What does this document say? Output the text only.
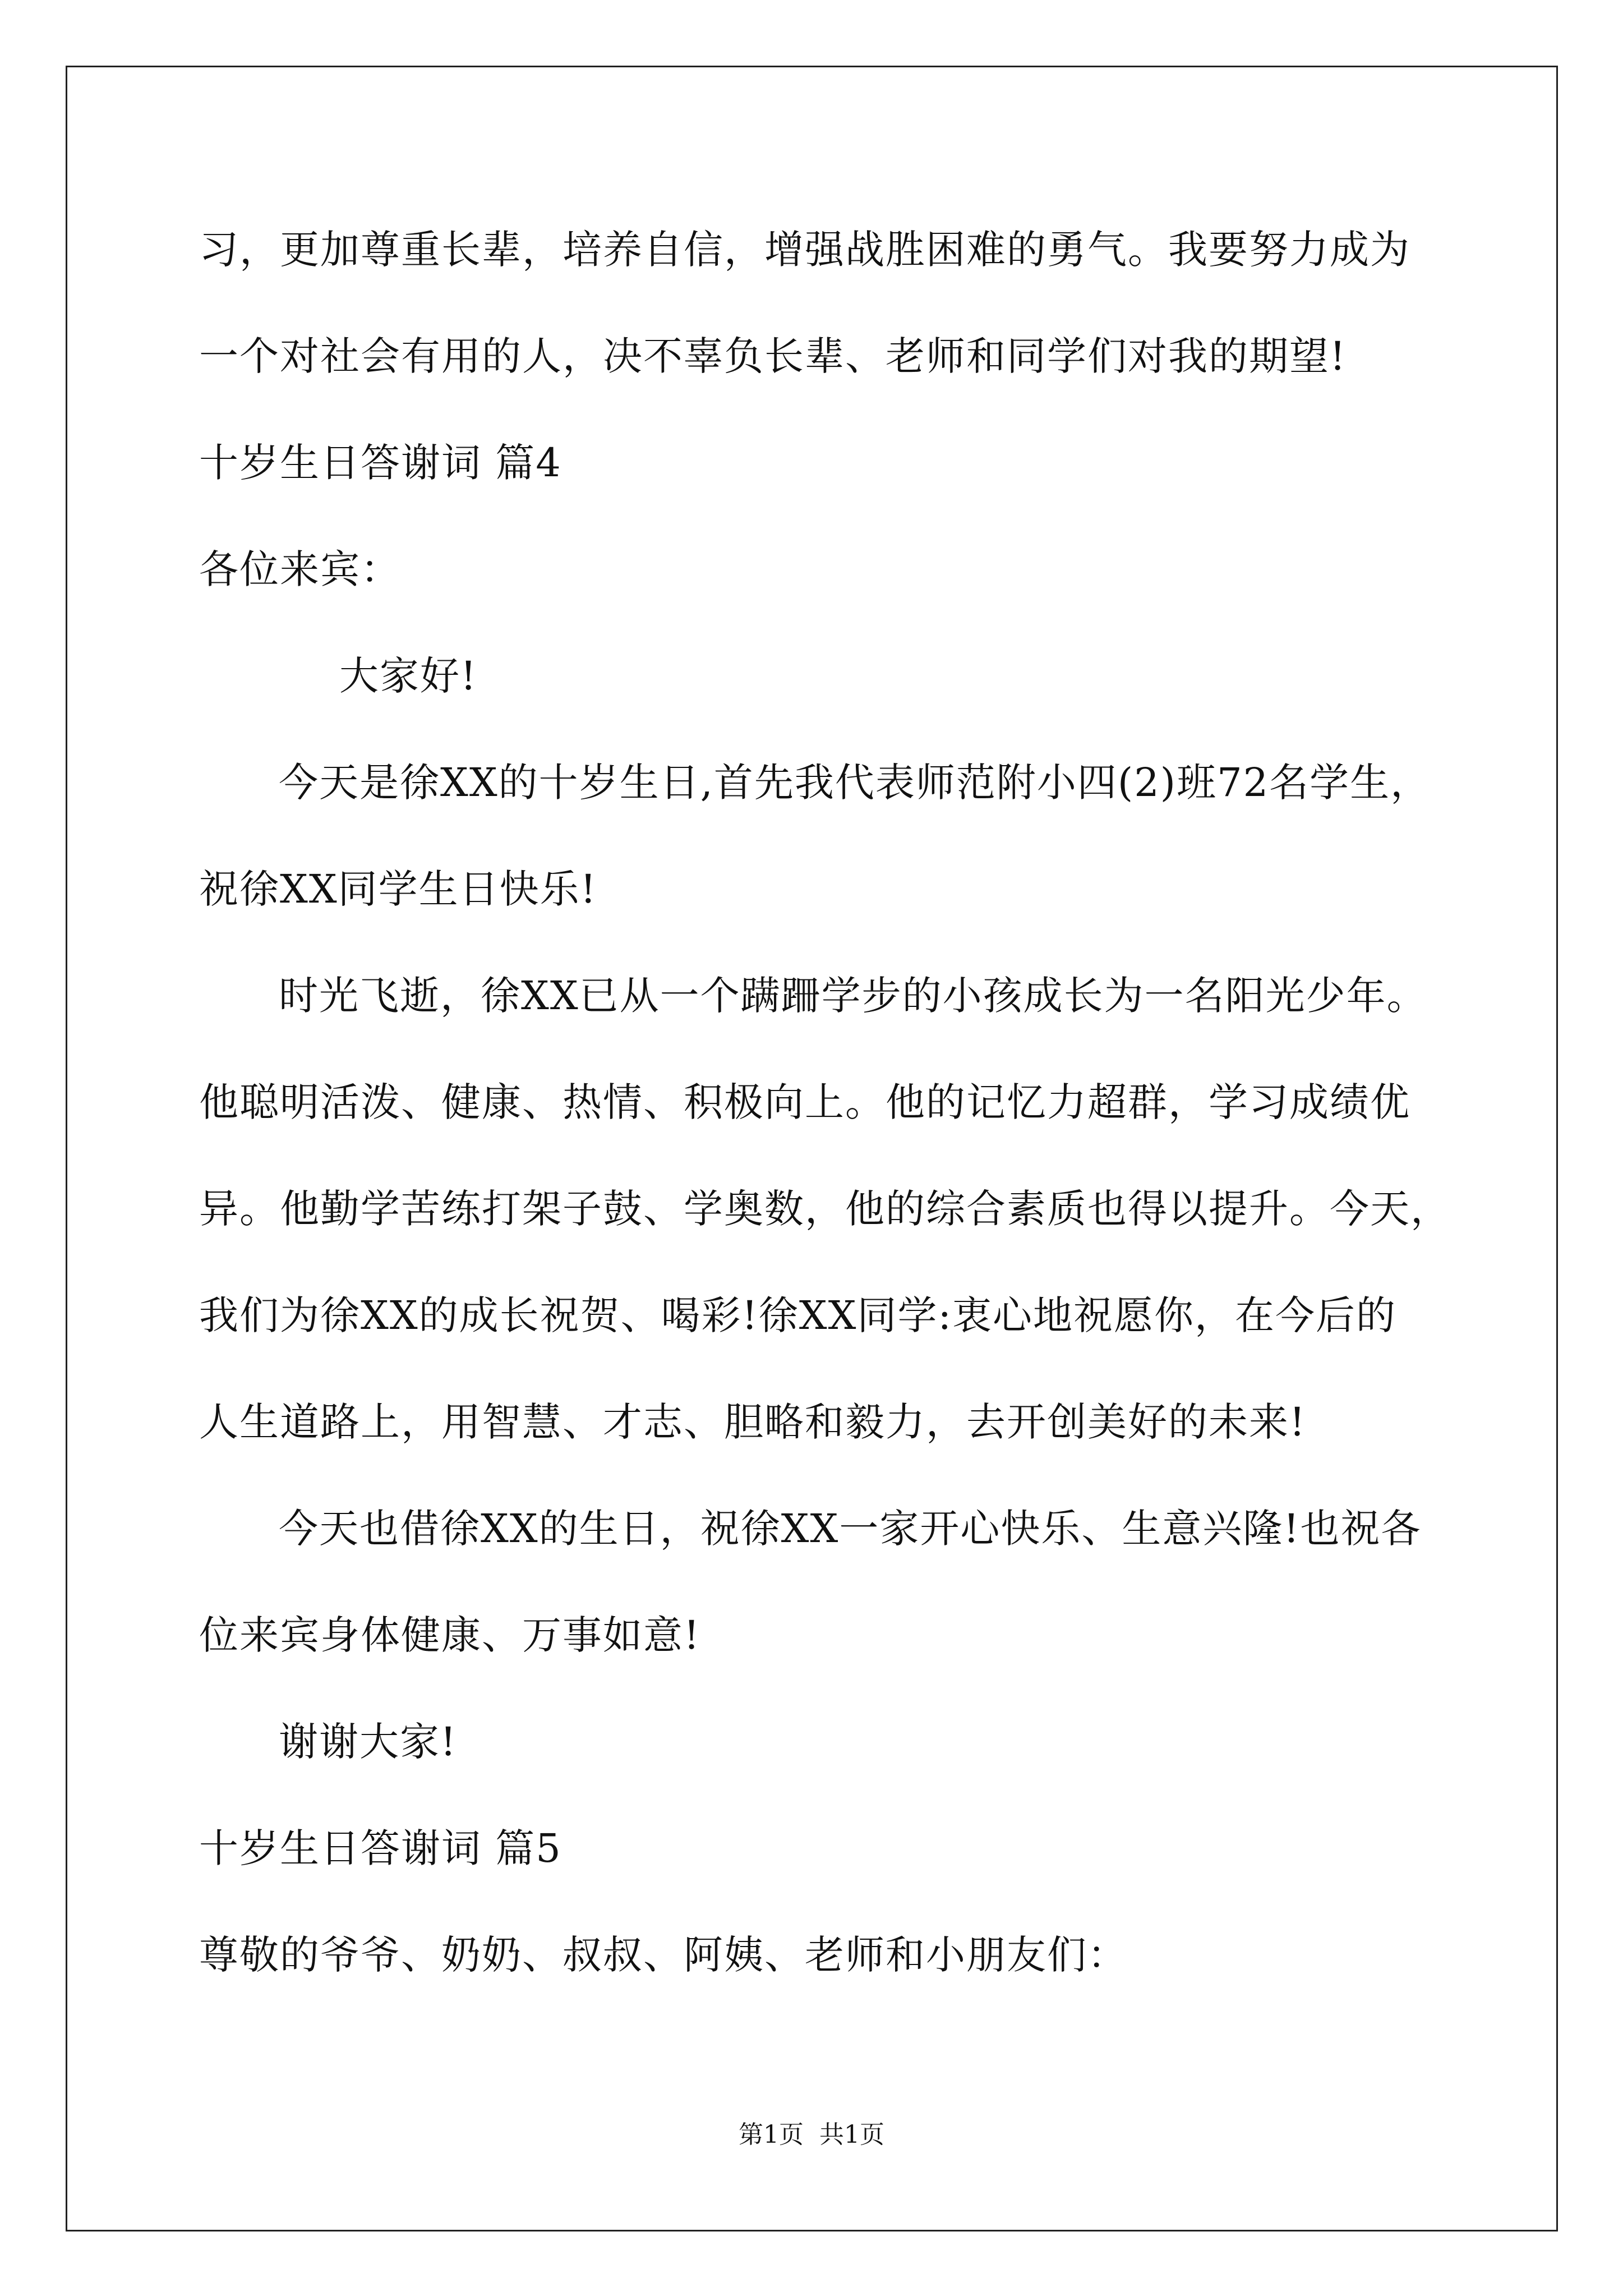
习，更加尊重长辈，培养自信，增强战胜困难的勇气。我要努力成为
一个对社会有用的人，决不辜负长辈、老师和同学们对我的期望!
十岁生日答谢词 篇4
各位来宾：
大家好!
今天是徐XX的十岁生日,首先我代表师范附小四(2)班72名学生，
祝徐XX同学生日快乐!
时光飞逝，徐XX已从一个蹒跚学步的小孩成长为一名阳光少年。
他聪明活泼、健康、热情、积极向上。他的记忆力超群，学习成绩优
异。他勤学苦练打架子鼓、学奥数，他的综合素质也得以提升。今天，
我们为徐XX的成长祝贺、喝彩!徐XX同学:衷心地祝愿你，在今后的
人生道路上，用智慧、才志、胆略和毅力，去开创美好的未来!
今天也借徐XX的生日，祝徐XX一家开心快乐、生意兴隆!也祝各
位来宾身体健康、万事如意!
谢谢大家!
十岁生日答谢词 篇5
尊敬的爷爷、奶奶、叔叔、阿姨、老师和小朋友们：
第1页 共1页
